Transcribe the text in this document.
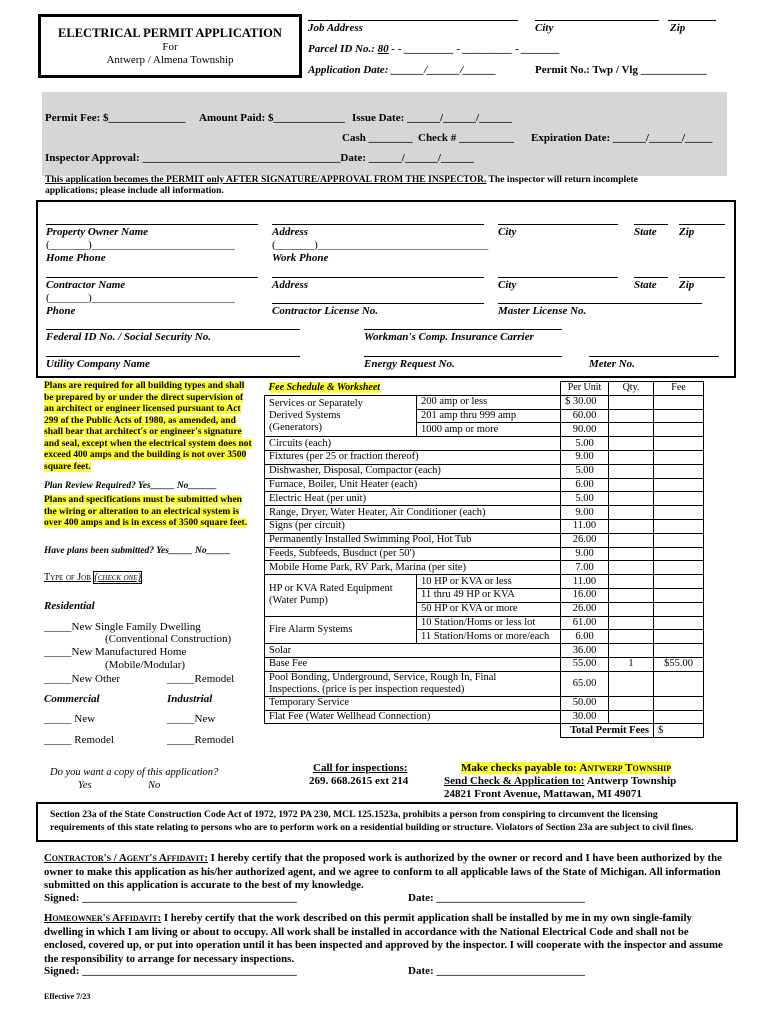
ELECTRICAL PERMIT APPLICATION
For
Antwerp / Almena Township
Job Address	City	Zip
Parcel ID No.: 80 - - _________ - _________ - _______
Application Date: ______/______/______	Permit No.: Twp / Vlg ____________
Permit Fee: $______________ Amount Paid: $_____________ Issue Date: ______/______/______
Cash ________ Check # __________ Expiration Date: ______/______/_____
Inspector Approval: ____________________________________Date: ______/______/______
This application becomes the PERMIT only AFTER SIGNATURE/APPROVAL FROM THE INSPECTOR. The inspector will return incomplete
applications; please include all information.
Property Owner Name	Address	City	State Zip
(_______)__________________________	(_______)_______________________________
Home Phone	Work Phone
Contractor Name	Address	City	State Zip
(_______)__________________________
Phone	Contractor License No.	Master License No.
Federal ID No. / Social Security No.	Workman's Comp. Insurance Carrier
Utility Company Name	Energy Request No.	Meter No.
Plans are required for all building types and shall be prepared by or under the direct supervision of an architect or engineer licensed pursuant to Act 299 of the Public Acts of 1980, as amended, and shall bear that architect's or engineer's signature and seal, except when the electrical system does not exceed 400 amps and the building is not over 3500 square feet.
Plan Review Required? Yes_____ No______
Plans and specifications must be submitted when the wiring or alteration to an electrical system is over 400 amps and is in excess of 3500 square feet.
Have plans been submitted? Yes_____ No_____
Type of Job (check one)
Residential
_____New Single Family Dwelling
(Conventional Construction)
_____New Manufactured Home
(Mobile/Modular)
_____New Other	_____Remodel
Commercial	Industrial
_____ New	_____New
_____ Remodel	_____Remodel
Do you want a copy of this application?
Yes	No
Fee Schedule & Worksheet		Per Unit	Qty.	Fee
Services or Separately
Derived Systems
(Generators)	200 amp or less	$ 30.00		
	201 amp thru 999 amp	60.00		
	1000 amp or more	90.00		
Circuits (each)		5.00		
Fixtures (per 25 or fraction thereof)		9.00		
Dishwasher, Disposal, Compactor (each)		5.00		
Furnace, Boiler, Unit Heater (each)		6.00		
Electric Heat (per unit)		5.00		
Range, Dryer, Water Heater, Air Conditioner (each)		9.00		
Signs (per circuit)		11.00		
Permanently Installed Swimming Pool, Hot Tub		26.00		
Feeds, Subfeeds, Busduct (per 50')		9.00		
Mobile Home Park, RV Park, Marina (per site)		7.00		
HP or KVA Rated Equipment
(Water Pump)	10 HP or KVA or less	11.00		
	11 thru 49 HP or KVA	16.00		
	50 HP or KVA or more	26.00		
Fire Alarm Systems	10 Station/Homs or less lot	61.00		
	11 Station/Homs or more/each	6.00		
Solar		36.00		
Base Fee		55.00	1	$55.00
Pool Bonding, Underground, Service, Rough In, Final
Inspections. (price is per inspection requested)		65.00		
Temporary Service		50.00		
Flat Fee (Water Wellhead Connection)		30.00		
		Total Permit Fees		$
Call for inspections:
269. 668.2615 ext 214
Make checks payable to: Antwerp Township
Send Check & Application to: Antwerp Township
24821 Front Avenue, Mattawan, MI 49071
Section 23a of the State Construction Code Act of 1972, 1972 PA 230, MCL 125.1523a, prohibits a person from conspiring to circumvent the licensing
requirements of this state relating to persons who are to perform work on a residential building or structure. Violators of Section 23a are subject to civil fines.
Contractor's / Agent's Affidavit: I hereby certify that the proposed work is authorized by the owner or record and I have been authorized by the owner to make this application as his/her authorized agent, and we agree to conform to all applicable laws of the State of Michigan. All information submitted on this application is accurate to the best of my knowledge.
Signed: _______________________________________	Date: ___________________________
Homeowner's Affidavit: I hereby certify that the work described on this permit application shall be installed by me in my own single-family dwelling in which I am living or about to occupy. All work shall be installed in accordance with the National Electrical Code and shall not be enclosed, covered up, or put into operation until it has been inspected and approved by the inspector. I will cooperate with the inspector and assume the responsibility to arrange for necessary inspections.
Signed: _______________________________________	Date: ___________________________
Effective 7/23
